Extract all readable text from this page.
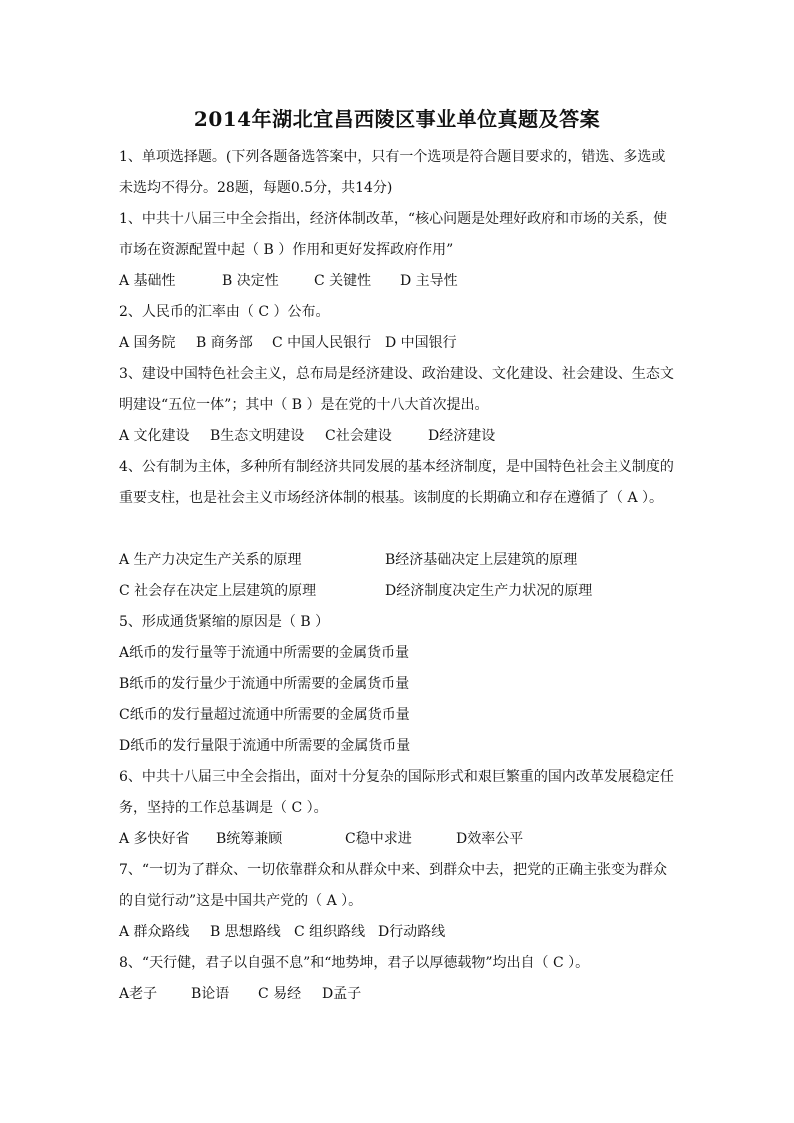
2014年湖北宜昌西陵区事业单位真题及答案
1、单项选择题。(下列各题备选答案中，只有一个选项是符合题目要求的，错选、多选或
未选均不得分。28题，每题0.5分，共14分)
1、中共十八届三中全会指出，经济体制改革，“核心问题是处理好政府和市场的关系，使
市场在资源配置中起（ B ）作用和更好发挥政府作用”
A 基础性	B 决定性	C 关键性 D 主导性
2、人民币的汇率由（ C ）公布。
A 国务院 B 商务部 C 中国人民银行 D 中国银行
3、建设中国特色社会主义，总布局是经济建设、政治建设、文化建设、社会建设、生态文
明建设“五位一体”；其中（ B ）是在党的十八大首次提出。
A 文化建设 B生态文明建设 C社会建设	D经济建设
4、公有制为主体，多种所有制经济共同发展的基本经济制度，是中国特色社会主义制度的
重要支柱，也是社会主义市场经济体制的根基。该制度的长期确立和存在遵循了（ A ）。
A 生产力决定生产关系的原理	B经济基础决定上层建筑的原理
C 社会存在决定上层建筑的原理	D经济制度决定生产力状况的原理
5、形成通货紧缩的原因是（ B ）
A纸币的发行量等于流通中所需要的金属货币量
B纸币的发行量少于流通中所需要的金属货币量
C纸币的发行量超过流通中所需要的金属货币量
D纸币的发行量限于流通中所需要的金属货币量
6、中共十八届三中全会指出，面对十分复杂的国际形式和艰巨繁重的国内改革发展稳定任
务，坚持的工作总基调是（ C ）。
A 多快好省 B统筹兼顾	C稳中求进	D效率公平
7、“一切为了群众、一切依靠群众和从群众中来、到群众中去，把党的正确主张变为群众
的自觉行动”这是中国共产党的（ A ）。
A 群众路线 B 思想路线 C 组织路线 D行动路线
8、“天行健，君子以自强不息”和“地势坤，君子以厚德载物”均出自（ C ）。
A老子 B论语 C 易经 D孟子
